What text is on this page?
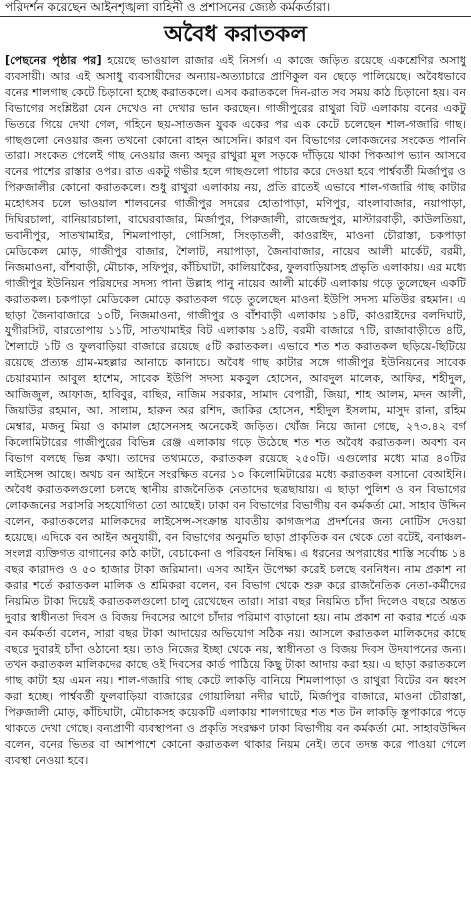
পরিদর্শন করেছেন আইনশৃঙ্খলা বাহিনী ও প্রশাসনের জ্যেষ্ঠ কর্মকর্তারা।
অবৈধ করাতকল

[পেছনের পৃষ্ঠার পর] হয়েছে ভাওয়াল রাজার এই নিসর্গ। এ কাজে জড়িত রয়েছে একশ্রেণির অসাধু ব্যবসায়ী। আর এই অসাধু ব্যবসায়ীদের অন্যায়-অত্যাচারে প্রাণিকুল বন ছেড়ে পালিয়েছে। অবৈধভাবে বনের শালগাছ কেটে চিড়ানো হচ্ছে করাতকলে। এসব করাতকলে দিন-রাত সব সময় কাঠ চিড়ানো হয়। বন বিভাগের সংশ্লিষ্টরা যেন দেখেও না দেখার ভান করছেন। গাজীপুরের রাথুরা বিট এলাকায় বনের একটু ভিতরে গিয়ে দেখা গেল, গহিনে ছয়-সাতজন যুবক একের পর এক কেটে চলেছেন শাল-গজারি গাছ। গাছগুলো নেওয়ার জন্য তখনো কোনো বাহন আসেনি। কারণ বন বিভাগের লোকজনের সংকেত পাননি তারা। সংকেত পেলেই গাছ নেওয়ার জন্য অদূর রাথুরা মূল সড়কে দাঁড়িয়ে থাকা পিকআপ ভ্যান আসবে বনের পাশের রাস্তার ওপর। রাত একটু গভীর হলে গাছগুলো পাচার করে দেওয়া হবে পার্শ্ববর্তী মির্জাপুর ও পিরুজালীর কোনো করাতকলে। শুধু রাথুরা এলাকায় নয়, প্রতি রাতেই এভাবে শাল-গজারি গাছ কাটার মহোৎসব চলে ভাওয়াল শালবনের গাজীপুর সদরের হোতাপাড়া, মণিপুর, বাংলাবাজার, নয়াপাড়া, দিঘিরচালা, বানিয়ারচালা, বাঘেরবাজার, মির্জাপুর, পিরুজালী, রাজেন্দ্রপুর, মাস্টারবাড়ী, কাউলতিয়া, ভবানীপুর, সাতখামাইর, শিমলাপাড়া, গোসিঙ্গা, সিংড়াতলী, কাওরাইদ, মাওনা চৌরাস্তা, চকপাড়া মেডিকেল মোড়, গাজীপুর বাজার, শৈলাট, নয়াপাড়া, জৈনাবাজার, নায়েব আলী মার্কেট, বরমী, নিজমাওনা, বাঁশবাড়ী, মৌচাক, সফিপুর, কাঁচিঘাটা, কালিয়াকৈর, ফুলবাড়িয়াসহ প্রভৃতি এলাকায়। এর মধ্যে গাজীপুর ইউনিয়ন পরিষদের সদস্য পানা উল্লাহ পানু নায়েব আলী মার্কেট এলাকায় গড়ে তুলেছেন একটি করাতকল। চকপাড়া মেডিকেল মোড়ে করাতকল গড়ে তুলেছেন মাওনা ইউপি সদস্য মতিউর রহমান। এ ছাড়া জৈনাবাজারে ১০টি, নিজমাওনা, গাজীপুর ও বাঁশবাড়ী এলাকায় ১৪টি, কাওরাইদের বলদিঘাট, যুগীরসিট, বারতোপায় ১১টি, সাতখামাইর বিট এলাকায় ১৪টি, বরমী বাজারে ৭টি, রাজাবাড়ীতে ৪টি, শৈলাটে ১টি ও ফুলবাড়িয়া বাজারে রয়েছে ৫টি করাতকল। এভাবে শত শত করাতকল ছড়িয়ে-ছিটিয়ে রয়েছে প্রত্যন্ত গ্রাম-মহল্লার আনাচে কানাচে। অবৈধ গাছ কাটার সঙ্গে গাজীপুর ইউনিয়নের সাবেক চেয়ারম্যান আবুল হাশেম, সাবেক ইউপি সদস্য মকবুল হোসেন, আবদুল মালেক, আফির, শহীদুল, আজিজুল, আফাজ, হাবিবুর, বাছির, নাজিম সরকার, সামাদ বেপারী, জিয়া, শাহ আলম, মদন আলী, জিয়াউর রহমান, আ. সালাম, হারুন অর রশিদ, জাকির হোসেন, শহীদুল ইসলাম, মাসুদ রানা, রহিম মেম্বার, মজনু মিয়া ও কামাল হোসেনসহ অনেকেই জড়িত। খোঁজ নিয়ে জানা গেছে, ২৭৩.৪২ বর্গ কিলোমিটারের গাজীপুরের বিভিন্ন রেঞ্জ এলাকায় গড়ে উঠেছে শত শত অবৈধ করাতকল। অবশ্য বন বিভাগ বলছে ভিন্ন কথা। তাদের তথ্যমতে, করাতকল রয়েছে ২৫০টি। এগুলোর মধ্যে মাত্র ৪০টির লাইসেন্স আছে। অথচ বন আইনে সংরক্ষিত বনের ১০ কিলোমিটারের মধ্যে করাতকল বসানো বেআইনি। অবৈধ করাতকলগুলো চলছে স্থানীয় রাজনৈতিক নেতাদের ছত্রছায়ায়। এ ছাড়া পুলিশ ও বন বিভাগের লোকজনের সরাসরি সহযোগিতা তো আছেই। ঢাকা বন বিভাগের বিভাগীয় বন কর্মকর্তা মো. সাহাব উদ্দিন বলেন, করাতকলের মালিকদের লাইসেন্স-সংক্রান্ত যাবতীয় কাগজপত্র প্রদর্শনের জন্য নোটিস দেওয়া হয়েছে। এদিকে বন আইন অনুযায়ী, বন বিভাগের অনুমতি ছাড়া প্রাকৃতিক বন থেকে তো বটেই, বনাঞ্চল-সংলগ্ন ব্যক্তিগত বাগানের কাঠ কাটা, বেচাকেনা ও পরিবহন নিষিদ্ধ। এ ধরনের অপরাধের শাস্তি সর্বোচ্চ ১৪ বছর কারাদণ্ড ও ৫০ হাজার টাকা জরিমানা। এসব আইন উপেক্ষা করেই চলছে বননিধন। নাম প্রকাশ না করার শর্তে করাতকল মালিক ও শ্রমিকরা বলেন, বন বিভাগ থেকে শুরু করে রাজনৈতিক নেতা-কর্মীদের নিয়মিত টাকা দিয়েই করাতকলগুলো চালু রেখেছেন তারা। সারা বছর নিয়মিত চাঁদা দিলেও বছরে অন্তত দুবার স্বাধীনতা দিবস ও বিজয় দিবসের আগে চাঁদার পরিমাণ বাড়ানো হয়। নাম প্রকাশ না করার শর্তে এক বন কর্মকর্তা বলেন, সারা বছর টাকা আদায়ের অভিযোগ সঠিক নয়। আসলে করাতকল মালিকদের কাছে বছরে দুবারই চাঁদা ওঠানো হয়। তাও নিজের ইচ্ছা থেকে নয়, স্বাধীনতা ও বিজয় দিবস উদযাপনের জন্য। তখন করাতকল মালিকদের কাছে ওই দিবসের কার্ড পাঠিয়ে কিছু টাকা আদায় করা হয়। এ ছাড়া করাতকলে গাছ কাটা হয় এমন নয়। শাল-গজারি গাছ কেটে লাকড়ি বানিয়ে শিমলাপাড়া ও রাথুরা বিটের বন ধ্বংস করা হচ্ছে। পার্শ্ববর্তী ফুলবাড়িয়া বাজারের গোয়ালিয়া নদীর ঘাটে, মির্জাপুর বাজারে, মাওনা চৌরাস্তা, পিরুজালী মোড়, কাঁচিঘাটা, মৌচাকসহ কয়েকটি এলাকায় শালগাছের শত শত টন লাকড়ি স্তূপাকারে পড়ে থাকতে দেখা গেছে। বন্যপ্রাণী ব্যবস্থাপনা ও প্রকৃতি সংরক্ষণ ঢাকা বিভাগীয় বন কর্মকর্তা মো. সাহাবউদ্দিন বলেন, বনের ভিতর বা আশপাশে কোনো করাতকল থাকার নিয়ম নেই। তবে তদন্ত করে পাওয়া গেলে ব্যবস্থা নেওয়া হবে।
